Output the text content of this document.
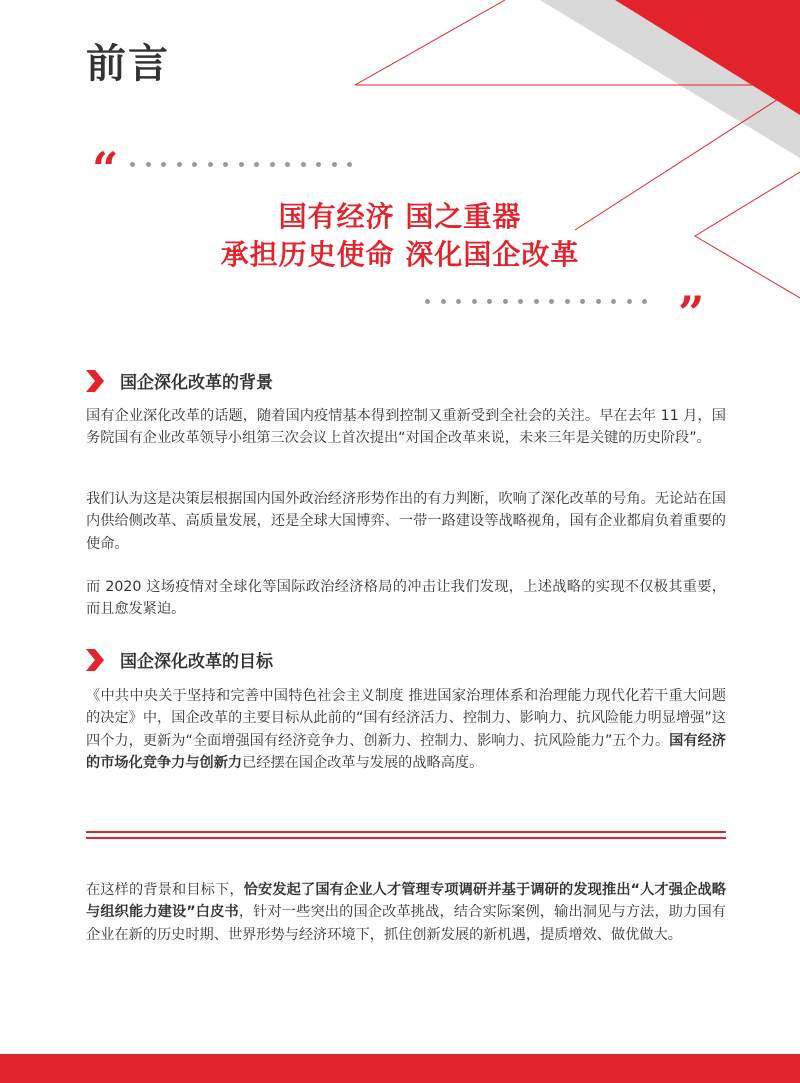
前言
“
国有经济 国之重器
承担历史使命 深化国企改革
”
国企深化改革的背景

国有企业深化改革的话题，随着国内疫情基本得到控制又重新受到全社会的关注。早在去年 11 月，国务院国有企业改革领导小组第三次会议上首次提出“对国企改革来说，未来三年是关键的历史阶段”。

我们认为这是决策层根据国内国外政治经济形势作出的有力判断，吹响了深化改革的号角。无论站在国内供给侧改革、高质量发展，还是全球大国博弈、一带一路建设等战略视角，国有企业都肩负着重要的使命。

而 2020 这场疫情对全球化等国际政治经济格局的冲击让我们发现，上述战略的实现不仅极其重要，而且愈发紧迫。

国企深化改革的目标

《中共中央关于坚持和完善中国特色社会主义制度 推进国家治理体系和治理能力现代化若干重大问题的决定》中，国企改革的主要目标从此前的“国有经济活力、控制力、影响力、抗风险能力明显增强”这四个力，更新为“全面增强国有经济竞争力、创新力、控制力、影响力、抗风险能力”五个力。国有经济的市场化竞争力与创新力已经摆在国企改革与发展的战略高度。

在这样的背景和目标下，恰安发起了国有企业人才管理专项调研并基于调研的发现推出“人才强企战略与组织能力建设”白皮书，针对一些突出的国企改革挑战，结合实际案例，输出洞见与方法，助力国有企业在新的历史时期、世界形势与经济环境下，抓住创新发展的新机遇，提质增效、做优做大。
